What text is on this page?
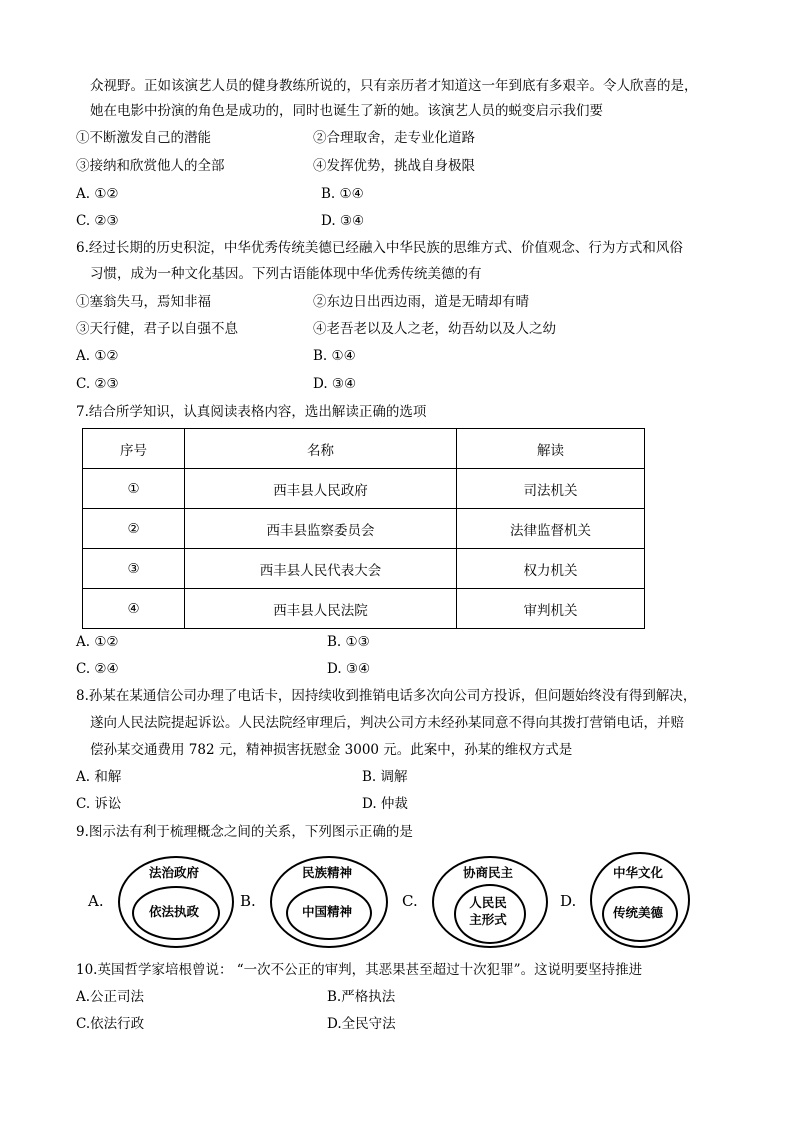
众视野。正如该演艺人员的健身教练所说的，只有亲历者才知道这一年到底有多艰辛。令人欣喜的是，
她在电影中扮演的角色是成功的，同时也诞生了新的她。该演艺人员的蜕变启示我们要
①不断激发自己的潜能	②合理取舍，走专业化道路
③接纳和欣赏他人的全部	④发挥优势，挑战自身极限
A. ①②	B. ①④
C. ②③	D. ③④
6.经过长期的历史积淀，中华优秀传统美德已经融入中华民族的思维方式、价值观念、行为方式和风俗
习惯，成为一种文化基因。下列古语能体现中华优秀传统美德的有
①塞翁失马，焉知非福	②东边日出西边雨，道是无晴却有晴
③天行健，君子以自强不息	④老吾老以及人之老，幼吾幼以及人之幼
A. ①②	B. ①④
C. ②③	D. ③④
7.结合所学知识，认真阅读表格内容，选出解读正确的选项
序号	名称	解读
①	西丰县人民政府	司法机关
②	西丰县监察委员会	法律监督机关
③	西丰县人民代表大会	权力机关
④	西丰县人民法院	审判机关
A. ①②	B. ①③
C. ②④	D. ③④
8.孙某在某通信公司办理了电话卡，因持续收到推销电话多次向公司方投诉，但问题始终没有得到解决，
遂向人民法院提起诉讼。人民法院经审理后，判决公司方未经孙某同意不得向其拨打营销电话，并赔
偿孙某交通费用 782 元，精神损害抚慰金 3000 元。此案中，孙某的维权方式是
A. 和解	B. 调解
C. 诉讼	D. 仲裁
9.图示法有利于梳理概念之间的关系，下列图示正确的是
A.
法治政府
依法执政
B.
民族精神
中国精神
C.
协商民主
人民民
主形式
D.
中华文化
传统美德
10.英国哲学家培根曾说： “一次不公正的审判，其恶果甚至超过十次犯罪”。这说明要坚持推进
A.公正司法	B.严格执法
C.依法行政	D.全民守法
